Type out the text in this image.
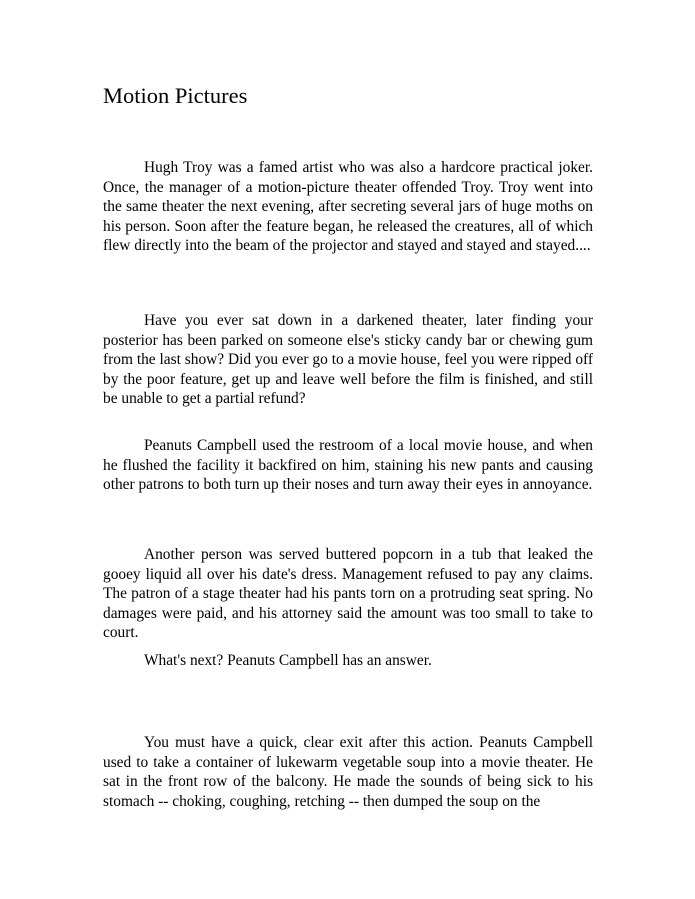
Motion Pictures

Hugh Troy was a famed artist who was also a hardcore practical joker. Once, the manager of a motion-picture theater offended Troy. Troy went into the same theater the next evening, after secreting several jars of huge moths on his person. Soon after the feature began, he released the creatures, all of which flew directly into the beam of the projector and stayed and stayed and stayed....

Have you ever sat down in a darkened theater, later finding your posterior has been parked on someone else's sticky candy bar or chewing gum from the last show? Did you ever go to a movie house, feel you were ripped off by the poor feature, get up and leave well before the film is finished, and still be unable to get a partial refund?

Peanuts Campbell used the restroom of a local movie house, and when he flushed the facility it backfired on him, staining his new pants and causing other patrons to both turn up their noses and turn away their eyes in annoyance.

Another person was served buttered popcorn in a tub that leaked the gooey liquid all over his date's dress. Management refused to pay any claims. The patron of a stage theater had his pants torn on a protruding seat spring. No damages were paid, and his attorney said the amount was too small to take to court.

What's next? Peanuts Campbell has an answer.

You must have a quick, clear exit after this action. Peanuts Campbell used to take a container of lukewarm vegetable soup into a movie theater. He sat in the front row of the balcony. He made the sounds of being sick to his stomach -- choking, coughing, retching -- then dumped the soup on the
